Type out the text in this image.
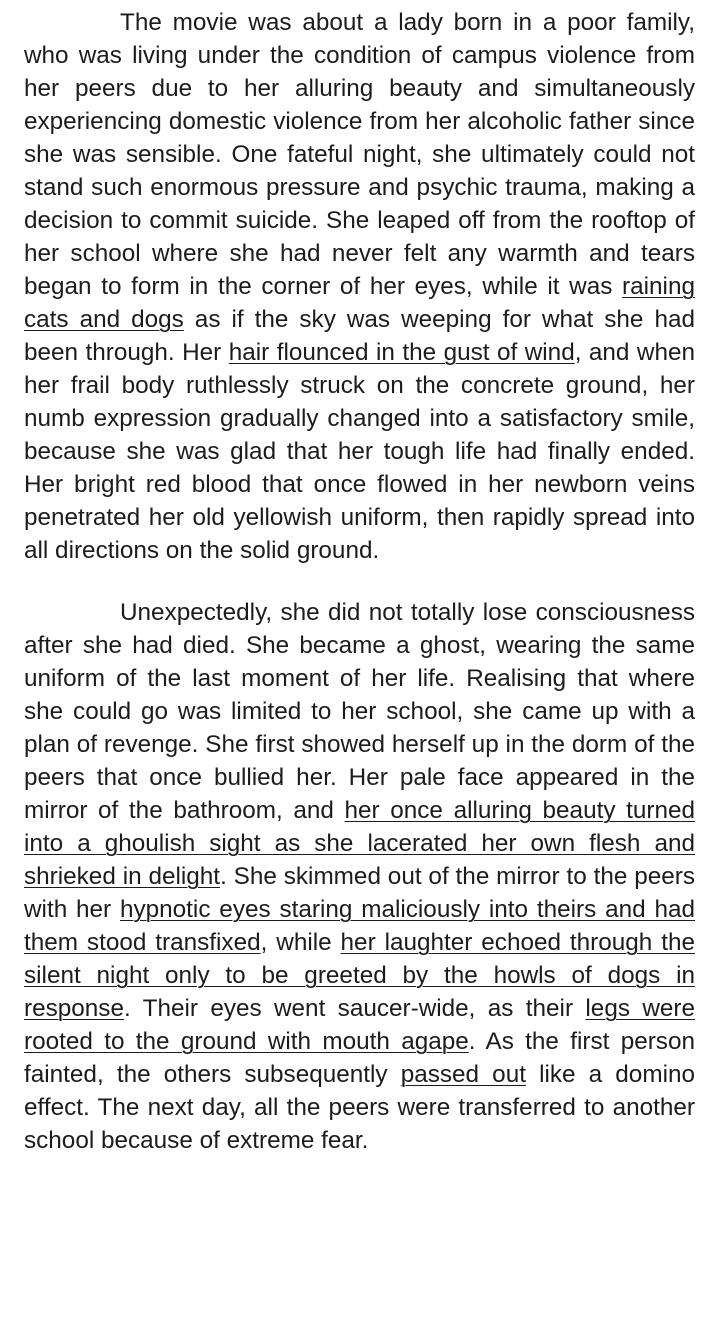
The movie was about a lady born in a poor family, who was living under the condition of campus violence from her peers due to her alluring beauty and simultaneously experiencing domestic violence from her alcoholic father since she was sensible. One fateful night, she ultimately could not stand such enormous pressure and psychic trauma, making a decision to commit suicide. She leaped off from the rooftop of her school where she had never felt any warmth and tears began to form in the corner of her eyes, while it was raining cats and dogs as if the sky was weeping for what she had been through. Her hair flounced in the gust of wind, and when her frail body ruthlessly struck on the concrete ground, her numb expression gradually changed into a satisfactory smile, because she was glad that her tough life had finally ended. Her bright red blood that once flowed in her newborn veins penetrated her old yellowish uniform, then rapidly spread into all directions on the solid ground.

Unexpectedly, she did not totally lose consciousness after she had died. She became a ghost, wearing the same uniform of the last moment of her life. Realising that where she could go was limited to her school, she came up with a plan of revenge. She first showed herself up in the dorm of the peers that once bullied her. Her pale face appeared in the mirror of the bathroom, and her once alluring beauty turned into a ghoulish sight as she lacerated her own flesh and shrieked in delight. She skimmed out of the mirror to the peers with her hypnotic eyes staring maliciously into theirs and had them stood transfixed, while her laughter echoed through the silent night only to be greeted by the howls of dogs in response. Their eyes went saucer-wide, as their legs were rooted to the ground with mouth agape. As the first person fainted, the others subsequently passed out like a domino effect. The next day, all the peers were transferred to another school because of extreme fear.
